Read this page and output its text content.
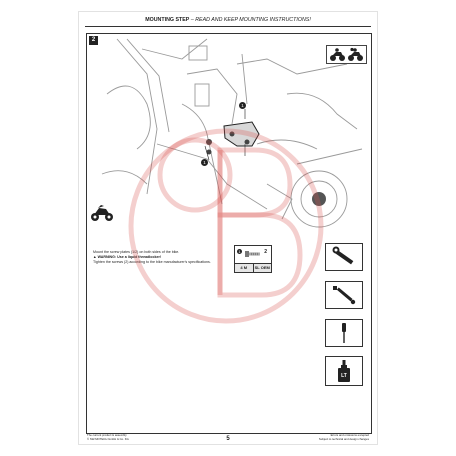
MOUNTING STEP – READ AND KEEP MOUNTING INSTRUCTIONS!
2
1
1

Mount the screw plates (1/2) on both sides of the bike.

▲ WARNING: Use a liquid threadlocker!

Tighten the screws (2) according to the bike manufacturer's specifications.

1	2
4 M	SL OEM
LT
The current product & assembly
© SW-MOTECH GmbH & Co. KG	5
Errors and omissions excepted
Subject to technical and design changes
